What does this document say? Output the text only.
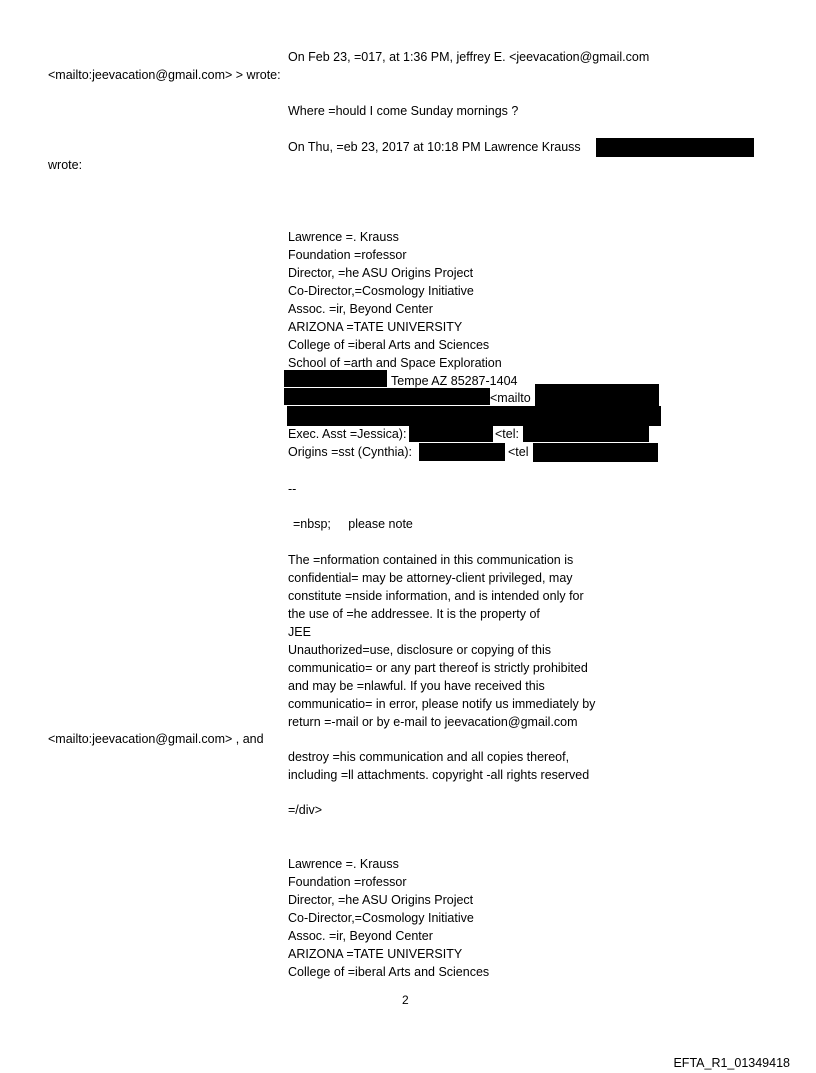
On Feb 23, =017, at 1:36 PM, jeffrey E. <jeevacation@gmail.com
<mailto:jeevacation@gmail.com> > wrote:
Where =hould I come Sunday mornings ?
On Thu, =eb 23, 2017 at 10:18 PM Lawrence Krauss
wrote:
Lawrence =. Krauss
Foundation =rofessor
Director, =he ASU Origins Project
Co-Director,=Cosmology Initiative
Assoc. =ir, Beyond Center
ARIZONA =TATE UNIVERSITY
College of =iberal Arts and Sciences
School of =arth and Space Exploration
Tempe AZ 85287-1404
<mailto
Exec. Asst =Jessica):	<tel:
Origins =sst (Cynthia):	<tel
--
=nbsp;     please note
The =nformation contained in this communication is
confidential= may be attorney-client privileged, may
constitute =nside information, and is intended only for
the use of =he addressee. It is the property of
JEE
Unauthorized=use, disclosure or copying of this
communicatio= or any part thereof is strictly prohibited
and may be =nlawful. If you have received this
communicatio= in error, please notify us immediately by
return =-mail or by e-mail to jeevacation@gmail.com
<mailto:jeevacation@gmail.com> , and
destroy =his communication and all copies thereof,
including =ll attachments. copyright -all rights reserved
=/div>
Lawrence =. Krauss
Foundation =rofessor
Director, =he ASU Origins Project
Co-Director,=Cosmology Initiative
Assoc. =ir, Beyond Center
ARIZONA =TATE UNIVERSITY
College of =iberal Arts and Sciences
2
EFTA_R1_01349418
